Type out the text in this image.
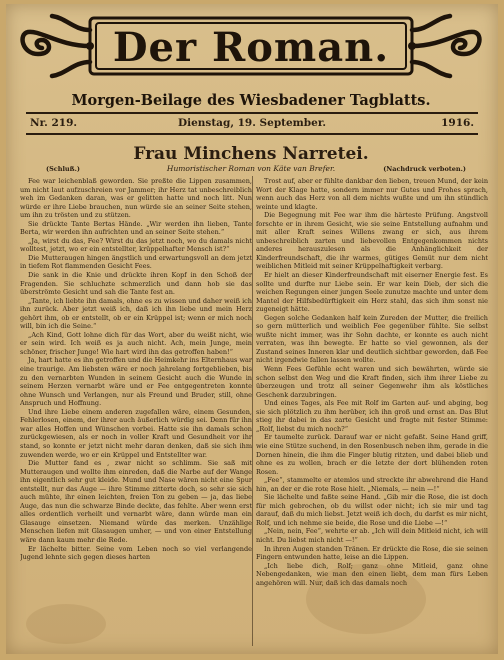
Der Roman.
Morgen-Beilage des Wiesbadener Tagblatts.
Nr. 219.	Dienstag, 19. September.	1916.
Frau Minchens Narretei.
(Schluß.)	Humoristischer Roman von Käte van Brefer.	(Nachdruck verboten.)

Fee war leichenblaß geworden. Sie preßte die Lippen zusammen, um nicht laut aufzuschreien vor Jammer; ihr Herz tat unbeschreiblich weh im Gedanken daran, was er gelitten hatte und noch litt. Nun würde er ihre Liebe brauchen, nun würde sie an seiner Seite stehen, um ihn zu trösten und zu stützen.

Sie drückte Tante Bertas Hände. „Wir werden ihn lieben, Tante Berta, wir werden ihn aufrichten und an seiner Seite stehen.“

„Ja, wirst du das, Fee? Wirst du das jetzt noch, wo du damals nicht wolltest, jetzt, wo er ein entstellter, krüppelhafter Mensch ist?“

Die Mutteraugen hingen ängstlich und erwartungsvoll an dem jetzt in tiefem Rot flammenden Gesicht Fees.

Die sank in die Knie und drückte ihren Kopf in den Schoß der Fragenden. Sie schluchzte schmerzlich und dann hob sie das überströmte Gesicht und sah die Tante fest an.

„Tante, ich liebte ihn damals, ohne es zu wissen und daher weiß ich ihn zurück. Aber jetzt weiß ich, daß ich ihn liebe und mein Herz gehört ihm, ob er entstellt, ob er ein Krüppel ist; wenn er mich noch will, bin ich die Seine.“

„Ach Kind, Gott lohne dich für das Wort, aber du weißt nicht, wie er sein wird. Ich weiß es ja auch nicht. Ach, mein Junge, mein schöner, frischer Junge! Wie hart wird ihn das getroffen haben!“

Ja, hart hatte es ihn getroffen und die Heimkehr ins Elternhaus war eine traurige. Am liebsten wäre er noch jahrelang fortgeblieben, bis zu den vernarbten Wunden in seinem Gesicht auch die Wunde in seinem Herzen vernarbt wäre und er Fee entgegentreten konnte ohne Wunsch und Verlangen, nur als Freund und Bruder, still, ohne Anspruch und Hoffnung.

Und ihre Liebe einem anderen zugefallen wäre, einem Gesunden, Fehlerlosen, einem, der ihrer auch äußerlich würdig sei. Denn für ihn war alles Hoffen und Wünschen vorbei. Hatte sie ihn damals schon zurückgewiesen, als er noch in voller Kraft und Gesundheit vor ihr stand, so konnte er jetzt nicht mehr daran denken, daß sie sich ihm zuwenden werde, wo er ein Krüppel und Entstellter war.

Die Mutter fand es , zwar nicht so schlimm. Sie saß mit Mutteraugen und wollte ihm einreden, daß die Narbe auf der Wange ihn eigentlich sehr gut kleide. Mund und Nase wären nicht eine Spur entstellt, nur das Auge — ihre Stimme zitterte doch, so sehr sie sich auch mühte, ihr einen leichten, freien Ton zu geben — ja, das liebe Auge, das nun die schwarze Binde deckte, das fehlte. Aber wenn erst alles ordentlich verheilt und vernarbt wäre, dann würde man ein Glasauge einsetzen. Niemand würde das merken. Unzählige Menschen liefen mit Glasaugen umher, — und von einer Entstellung wäre dann kaum mehr die Rede.

Er lächelte bitter. Seine vom Leben noch so viel verlangende Jugend lehnte sich gegen dieses harten

Trost auf, aber er fühlte dankbar den lieben, treuen Mund, der kein Wort der Klage hatte, sondern immer nur Gutes und Frohes sprach, wenn auch das Herz von all dem nichts wußte und um ihn stündlich weinte und klagte.

Die Begegnung mit Fee war ihm die härteste Prüfung. Angstvoll forschte er in ihrem Gesicht, wie sie seine Entstellung aufnahm und mit aller Kraft seines Willens zwang er sich, aus ihrem unbeschreiblich zarten und liebevollen Entgegenkommen nichts anderes herauszulesen als die Anhänglichkeit der Kinderfreundschaft, die ihr warmes, gütiges Gemüt nur dem nicht weiblichen Mitleid mit seiner Krüppelhaftigkeit verbarg.

Er hielt an dieser Kinderfreundschaft mit eiserner Energie fest. Es sollte und durfte nur Liebe sein. Er war kein Dieb, der sich die weichen Regungen einer jungen Seele zunutze machte und unter dem Mantel der Hilfsbedürftigkeit ein Herz stahl, das sich ihm sonst nie zugeneigt hätte.

Gegen solche Gedanken half kein Zureden der Mutter, die freilich so gern mütterlich und weiblich Fee gegenüber fühlte. Sie selbst wußte nicht immer, was ihr Sohn dachte, er konnte es auch nicht verraten, was ihn bewegte. Er hatte so viel gewonnen, als der Zustand seines Inneren klar und deutlich sichtbar geworden, daß Fee nicht irgendwie fallen lassen wollte.

Wenn Fees Gefühle echt waren und sich bewährten, würde sie schon selbst den Weg und die Kraft finden, sich ihm ihrer Liebe zu überzeugen und trotz all seiner Gegenwehr ihm als köstliches Geschenk darzubringen.

Und eines Tages, als Fee mit Rolf im Garten auf- und abging, bog sie sich plötzlich zu ihm herüber, ich ihn groß und ernst an. Das Blut stieg ihr dabei in das zarte Gesicht und fragte mit fester Stimme: „Rolf, liebst du mich noch?“

Er taumelte zurück. Darauf war er nicht gefaßt. Seine Hand griff, wie eine Stütze suchend, in den Rosenbusch neben ihm, gerade in die Dornen hinein, die ihm die Finger blutig ritzten, und dabei blieb und ohne es zu wollen, brach er die letzte der dort blühenden roten Rosen.

„Fee“, stammelte er atemlos und streckte ihr abwehrend die Hand hin, an der er die rote Rose hielt. „Niemals, — nein —!“

Sie lächelte und faßte seine Hand. „Gib mir die Rose, die ist doch für mich gebrochen, ob du willst oder nicht; ich sie mir und tag darauf, daß du mich liebst. Jetzt weiß ich doch, du darfst es mir nicht, Rolf, und ich nehme sie beide, die Rose und die Liebe —!“

„Nein, nein, Fee“, wehrte er ab. „Ich will dein Mitleid nicht, ich will nicht. Du liebst mich nicht —!“

In ihren Augen standen Tränen. Er drückte die Rose, die sie seinen Fingern entwunden hatte, leise an die Lippen.

„Ich liebe dich, Rolf; ganz ohne Mitleid, ganz ohne Nebengedanken, wie man den einen liebt, dem man fürs Leben angehören will. Nur, daß ich das damals noch
